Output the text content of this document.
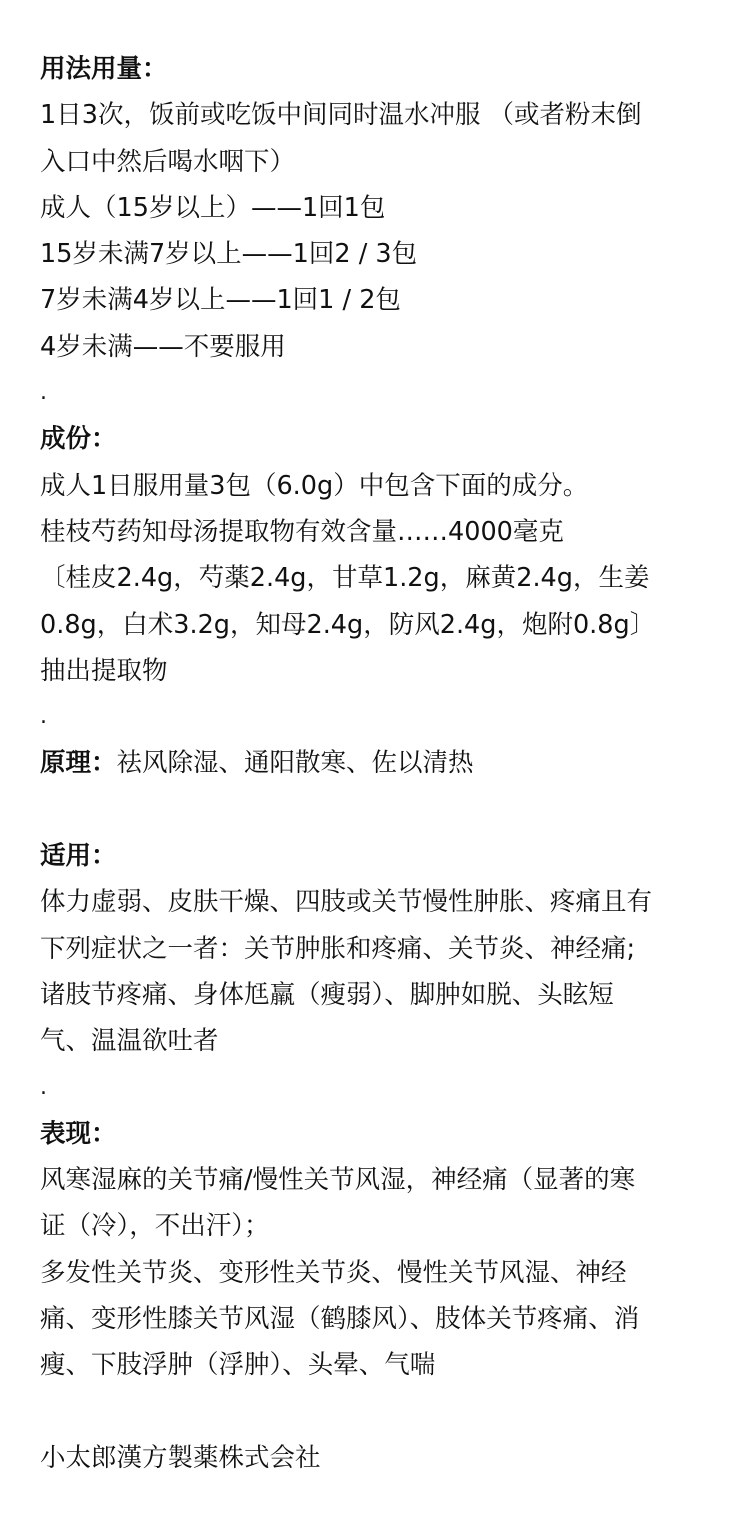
用法用量：
1日3次，饭前或吃饭中间同时温水冲服 （或者粉末倒
入口中然后喝水咽下）
成人（15岁以上）——1回1包
15岁未满7岁以上——1回2 / 3包
7岁未满4岁以上——1回1 / 2包
4岁未满——不要服用
.
成份：
成人1日服用量3包（6.0g）中包含下面的成分。
桂枝芍药知母汤提取物有效含量……4000毫克
〔桂皮2.4g，芍薬2.4g，甘草1.2g，麻黄2.4g，生姜
0.8g，白术3.2g，知母2.4g，防风2.4g，炮附0.8g〕
抽出提取物
.
原理：祛风除湿、通阳散寒、佐以清热
适用：
体力虚弱、皮肤干燥、四肢或关节慢性肿胀、疼痛且有
下列症状之一者：关节肿胀和疼痛、关节炎、神经痛;
诸肢节疼痛、身体尪羸（瘦弱）、脚肿如脱、头眩短
气、温温欲吐者
.
表现：
风寒湿麻的关节痛/慢性关节风湿，神经痛（显著的寒
证（冷），不出汗）；
多发性关节炎、变形性关节炎、慢性关节风湿、神经
痛、变形性膝关节风湿（鹤膝风）、肢体关节疼痛、消
瘦、下肢浮肿（浮肿）、头晕、气喘
小太郎漢方製薬株式会社
